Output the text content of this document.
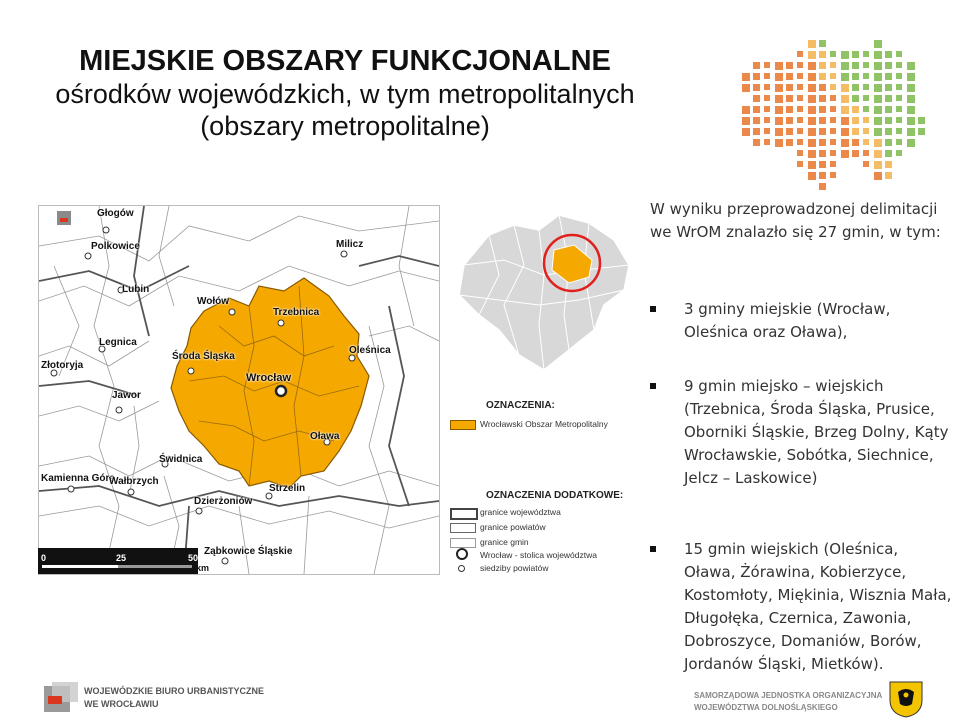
MIEJSKIE OBSZARY FUNKCJONALNE
ośrodków wojewódzkich, w tym metropolitalnych
(obszary metropolitalne)
Głogów
Polkowice	Milicz
Lubin
Wołów
Trzebnica
Legnica
Oleśnica
Złotoryja
Środa Śląska
Wrocław
Jawor
Oława
Świdnica
Kamienna Góra
Wałbrzych
Strzelin
Dzierżoniów
Ząbkowice Śląskie
0	25	50
km
OZNACZENIA:
Wrocławski Obszar Metropolitalny
OZNACZENIA DODATKOWE:
granice województwa
granice powiatów
granice gmin
Wrocław - stolica województwa
siedziby powiatów
W wyniku przeprowadzonej delimitacji we WrOM znalazło się 27 gmin, w tym:
3 gminy miejskie (Wrocław, Oleśnica oraz Oława),
9 gmin miejsko – wiejskich (Trzebnica, Środa Śląska, Prusice, Oborniki Śląskie, Brzeg Dolny, Kąty Wrocławskie, Sobótka, Siechnice, Jelcz – Laskowice)
15 gmin wiejskich (Oleśnica, Oława, Żórawina, Kobierzyce, Kostomłoty, Miękinia, Wisznia Mała, Długołęka, Czernica, Zawonia, Dobroszyce, Domaniów, Borów, Jordanów Śląski, Mietków).
WOJEWÓDZKIE BIURO URBANISTYCZNE
WE WROCŁAWIU
SAMORZĄDOWA JEDNOSTKA ORGANIZACYJNA
WOJEWÓDZTWA DOLNOŚLĄSKIEGO
